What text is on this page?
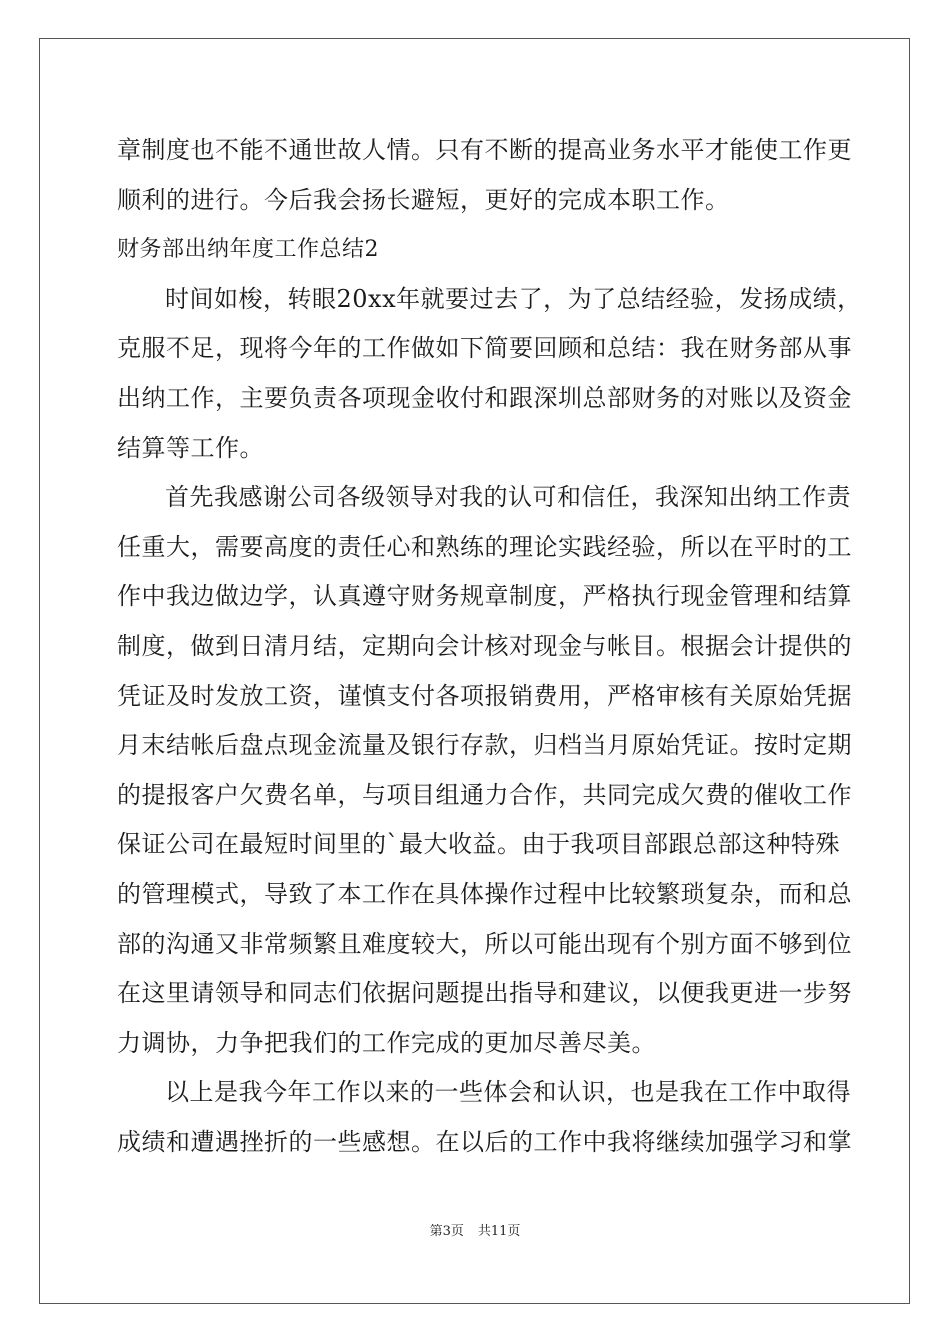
章制度也不能不通世故人情。只有不断的提高业务水平才能使工作更
顺利的进行。今后我会扬长避短，更好的完成本职工作。
财务部出纳年度工作总结2
时间如梭，转眼20xx年就要过去了，为了总结经验，发扬成绩，
克服不足，现将今年的工作做如下简要回顾和总结：我在财务部从事
出纳工作，主要负责各项现金收付和跟深圳总部财务的对账以及资金
结算等工作。
首先我感谢公司各级领导对我的认可和信任，我深知出纳工作责
任重大，需要高度的责任心和熟练的理论实践经验，所以在平时的工
作中我边做边学，认真遵守财务规章制度，严格执行现金管理和结算
制度，做到日清月结，定期向会计核对现金与帐目。根据会计提供的
凭证及时发放工资，谨慎支付各项报销费用，严格审核有关原始凭据
月末结帐后盘点现金流量及银行存款，归档当月原始凭证。按时定期
的提报客户欠费名单，与项目组通力合作，共同完成欠费的催收工作
保证公司在最短时间里的`最大收益。由于我项目部跟总部这种特殊
的管理模式，导致了本工作在具体操作过程中比较繁琐复杂，而和总
部的沟通又非常频繁且难度较大，所以可能出现有个别方面不够到位
在这里请领导和同志们依据问题提出指导和建议，以便我更进一步努
力调协，力争把我们的工作完成的更加尽善尽美。
以上是我今年工作以来的一些体会和认识，也是我在工作中取得
成绩和遭遇挫折的一些感想。在以后的工作中我将继续加强学习和掌
第3页 共11页
